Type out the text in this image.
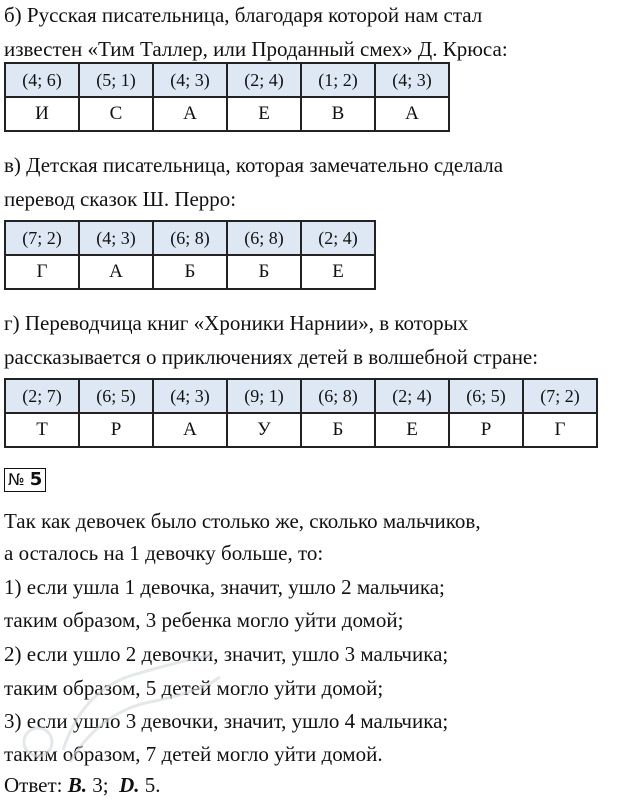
б) Русская писательница, благодаря которой нам стал
известен «Тим Таллер, или Проданный смех» Д. Крюса:
(4; 6)	(5; 1)	(4; 3)	(2; 4)	(1; 2)	(4; 3)
И	С	А	Е	В	А
в) Детская писательница, которая замечательно сделала
перевод сказок Ш. Перро:
(7; 2)	(4; 3)	(6; 8)	(6; 8)	(2; 4)
Г	А	Б	Б	Е
г) Переводчица книг «Хроники Нарнии», в которых
рассказывается о приключениях детей в волшебной стране:
(2; 7)	(6; 5)	(4; 3)	(9; 1)	(6; 8)	(2; 4)	(6; 5)	(7; 2)
Т	Р	А	У	Б	Е	Р	Г
№ 5
Так как девочек было столько же, сколько мальчиков,
а осталось на 1 девочку больше, то:
1) если ушла 1 девочка, значит, ушло 2 мальчика;
таким образом, 3 ребенка могло уйти домой;
2) если ушло 2 девочки, значит, ушло 3 мальчика;
таким образом, 5 детей могло уйти домой;
3) если ушло 3 девочки, значит, ушло 4 мальчика;
таким образом, 7 детей могло уйти домой.
Ответ: B. 3; D. 5.
